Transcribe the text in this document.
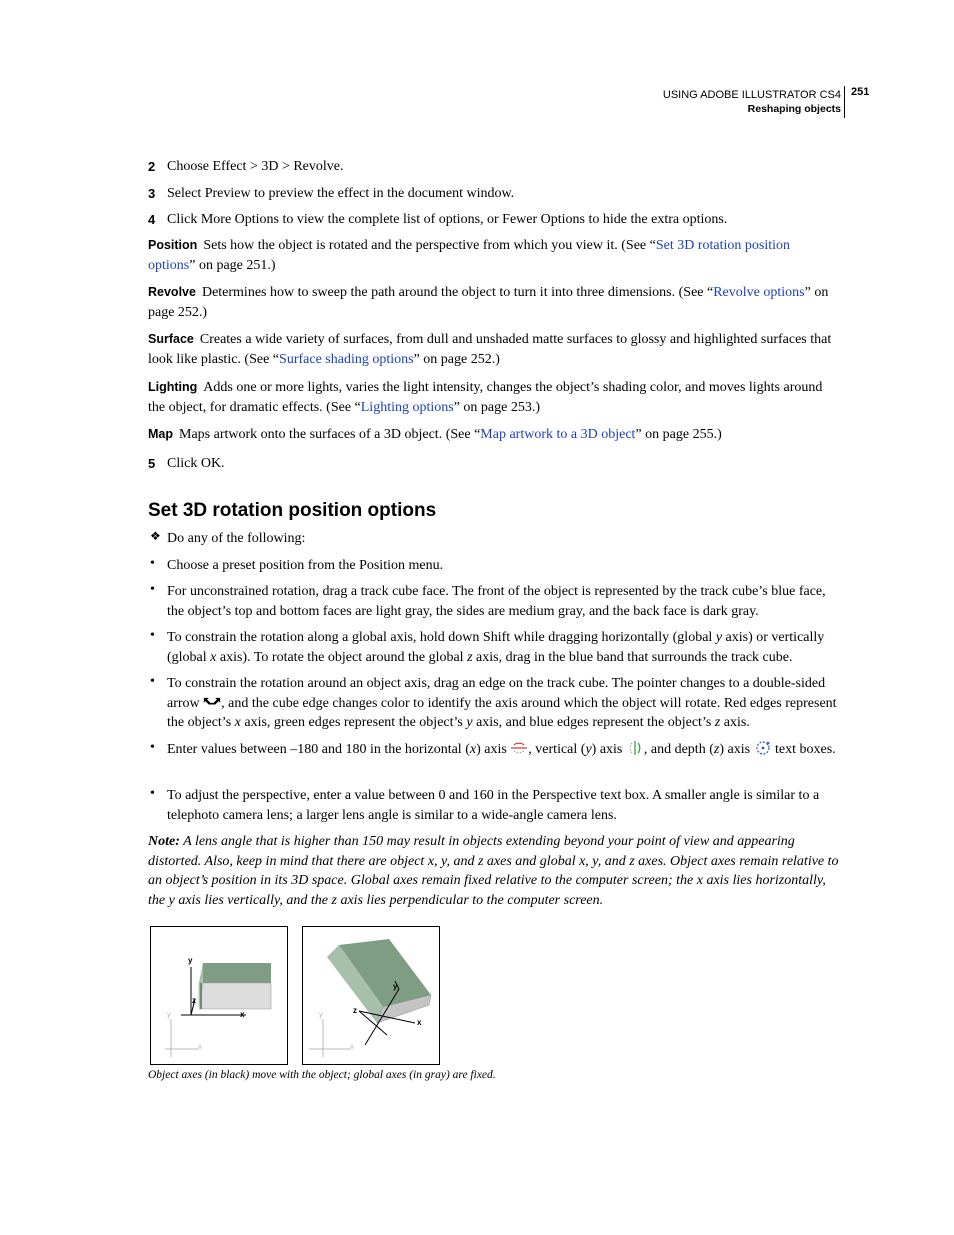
USING ADOBE ILLUSTRATOR CS4
Reshaping objects
251
2 Choose Effect > 3D > Revolve.
3 Select Preview to preview the effect in the document window.
4 Click More Options to view the complete list of options, or Fewer Options to hide the extra options.
Position Sets how the object is rotated and the perspective from which you view it. (See “Set 3D rotation position options” on page 251.)
Revolve Determines how to sweep the path around the object to turn it into three dimensions. (See “Revolve options” on page 252.)
Surface Creates a wide variety of surfaces, from dull and unshaded matte surfaces to glossy and highlighted surfaces that look like plastic. (See “Surface shading options” on page 252.)
Lighting Adds one or more lights, varies the light intensity, changes the object’s shading color, and moves lights around the object, for dramatic effects. (See “Lighting options” on page 253.)
Map Maps artwork onto the surfaces of a 3D object. (See “Map artwork to a 3D object” on page 255.)
5 Click OK.
Set 3D rotation position options
❖ Do any of the following:
• Choose a preset position from the Position menu.
• For unconstrained rotation, drag a track cube face. The front of the object is represented by the track cube’s blue face, the object’s top and bottom faces are light gray, the sides are medium gray, and the back face is dark gray.
• To constrain the rotation along a global axis, hold down Shift while dragging horizontally (global y axis) or vertically (global x axis). To rotate the object around the global z axis, drag in the blue band that surrounds the track cube.
• To constrain the rotation around an object axis, drag an edge on the track cube. The pointer changes to a double-sided arrow , and the cube edge changes color to identify the axis around which the object will rotate. Red edges represent the object’s x axis, green edges represent the object’s y axis, and blue edges represent the object’s z axis.
• Enter values between –180 and 180 in the horizontal (x) axis , vertical (y) axis , and depth (z) axis  text boxes.
• To adjust the perspective, enter a value between 0 and 160 in the Perspective text box. A smaller angle is similar to a telephoto camera lens; a larger lens angle is similar to a wide-angle camera lens.
Note: A lens angle that is higher than 150 may result in objects extending beyond your point of view and appearing distorted. Also, keep in mind that there are object x, y, and z axes and global x, y, and z axes. Object axes remain relative to an object’s position in its 3D space. Global axes remain fixed relative to the computer screen; the x axis lies horizontally, the y axis lies vertically, and the z axis lies perpendicular to the computer screen.
y
x
y
x
z
y
x
y
x
z
Object axes (in black) move with the object; global axes (in gray) are fixed.
